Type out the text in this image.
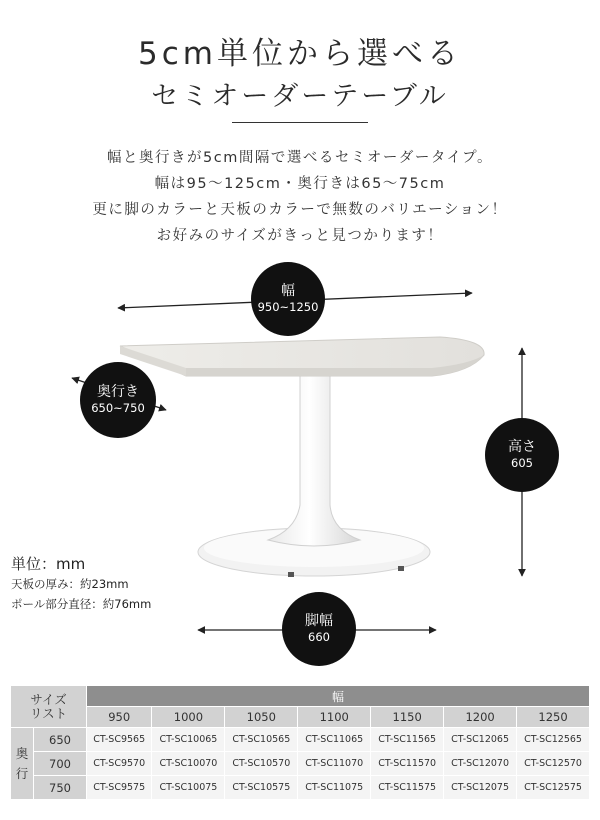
5cm単位から選べる
セミオーダーテーブル
幅と奥行きが5cm間隔で選べるセミオーダータイプ。
幅は95〜125cm・奥行きは65〜75cm
更に脚のカラーと天板のカラーで無数のバリエーション！
お好みのサイズがきっと見つかります！
幅
950~1250
奥行き
650~750
高さ
605
脚幅
660
単位：mm
天板の厚み：約23mm
ポール部分直径：約76mm
サイズ
リスト		幅						
		950	1000	1050	1100	1150	1200	1250
奥
行	650	CT-SC9565	CT-SC10065	CT-SC10565	CT-SC11065	CT-SC11565	CT-SC12065	CT-SC12565
	700	CT-SC9570	CT-SC10070	CT-SC10570	CT-SC11070	CT-SC11570	CT-SC12070	CT-SC12570
	750	CT-SC9575	CT-SC10075	CT-SC10575	CT-SC11075	CT-SC11575	CT-SC12075	CT-SC12575
